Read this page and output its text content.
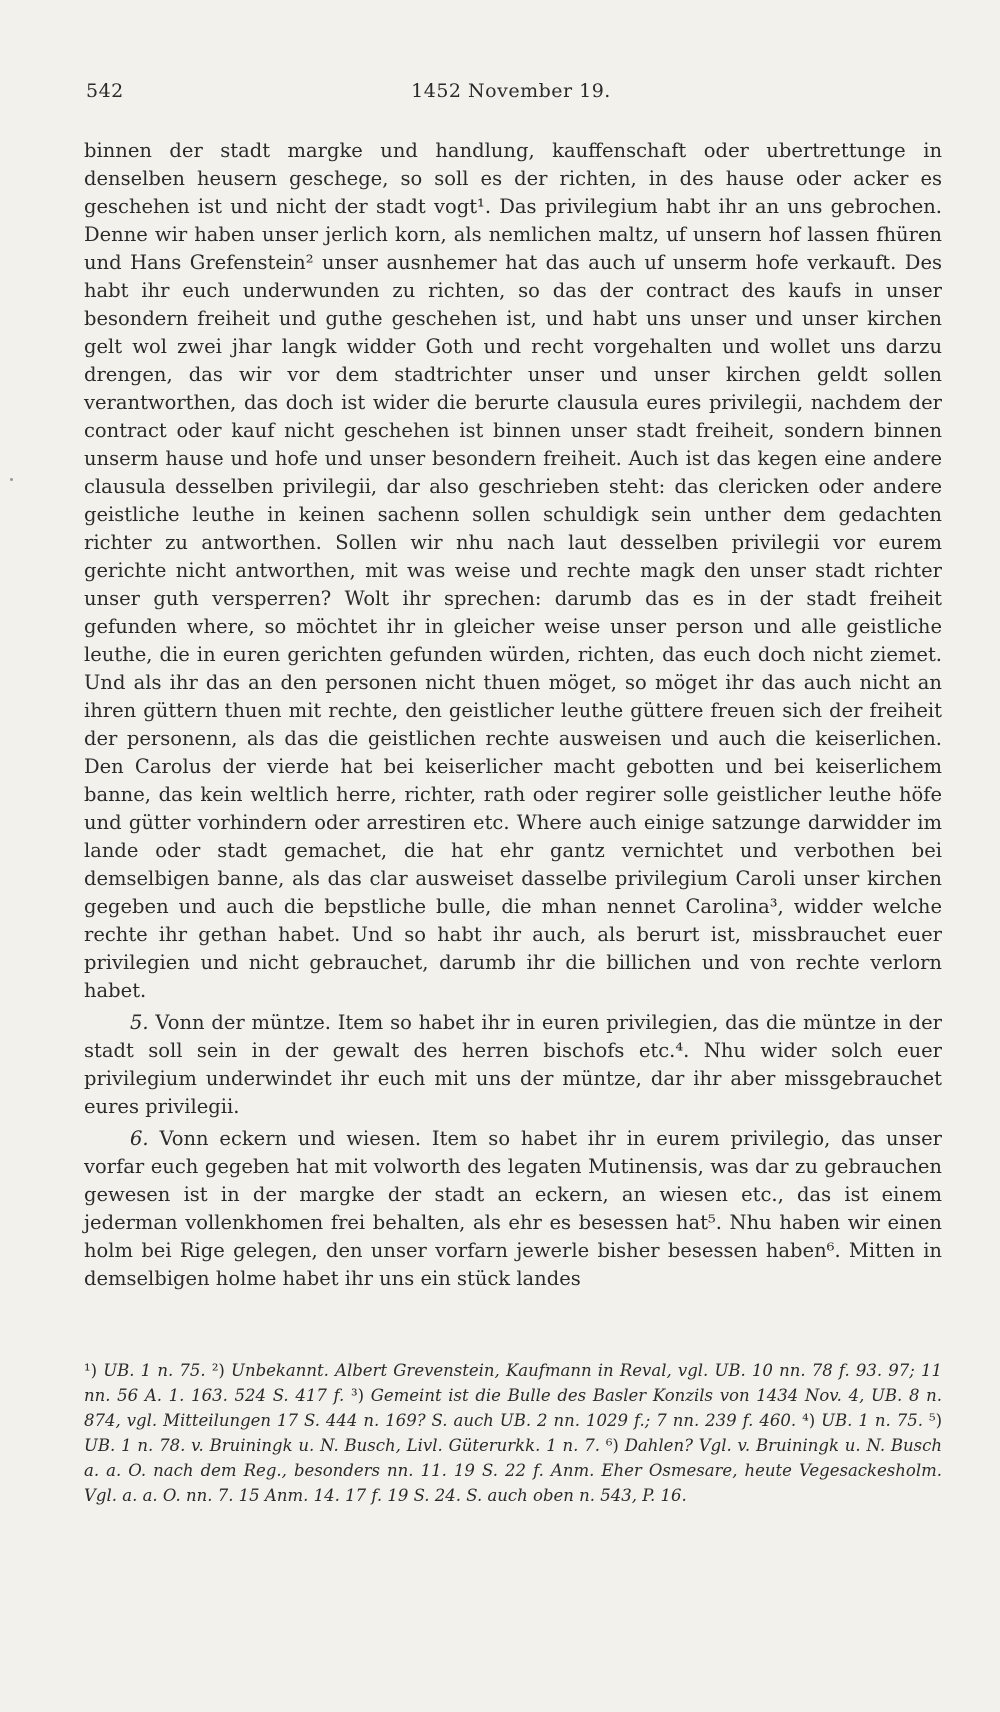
542	1452 November 19.

binnen der stadt margke und handlung, kauffenschaft oder ubertrettunge in denselben heusern geschege, so soll es der richten, in des hause oder acker es geschehen ist und nicht der stadt vogt¹. Das privilegium habt ihr an uns gebrochen. Denne wir haben unser jerlich korn, als nemlichen maltz, uf unsern hof lassen fhüren und Hans Grefenstein² unser ausnhemer hat das auch uf unserm hofe verkauft. Des habt ihr euch underwunden zu richten, so das der contract des kaufs in unser besondern freiheit und guthe geschehen ist, und habt uns unser und unser kirchen gelt wol zwei jhar langk widder Goth und recht vorgehalten und wollet uns darzu drengen, das wir vor dem stadtrichter unser und unser kirchen geldt sollen verantworthen, das doch ist wider die berurte clausula eures privilegii, nachdem der contract oder kauf nicht geschehen ist binnen unser stadt freiheit, sondern binnen unserm hause und hofe und unser besondern freiheit. Auch ist das kegen eine andere clausula desselben privilegii, dar also geschrieben steht: das clericken oder andere geistliche leuthe in keinen sachenn sollen schuldigk sein unther dem gedachten richter zu antworthen. Sollen wir nhu nach laut desselben privilegii vor eurem gerichte nicht antworthen, mit was weise und rechte magk den unser stadt richter unser guth versperren? Wolt ihr sprechen: darumb das es in der stadt freiheit gefunden where, so möchtet ihr in gleicher weise unser person und alle geistliche leuthe, die in euren gerichten gefunden würden, richten, das euch doch nicht ziemet. Und als ihr das an den personen nicht thuen möget, so möget ihr das auch nicht an ihren güttern thuen mit rechte, den geistlicher leuthe güttere freuen sich der freiheit der personenn, als das die geistlichen rechte ausweisen und auch die keiserlichen. Den Carolus der vierde hat bei keiserlicher macht gebotten und bei keiserlichem banne, das kein weltlich herre, richter, rath oder regirer solle geistlicher leuthe höfe und gütter vorhindern oder arrestiren etc. Where auch einige satzunge darwidder im lande oder stadt gemachet, die hat ehr gantz vernichtet und verbothen bei demselbigen banne, als das clar ausweiset dasselbe privilegium Caroli unser kirchen gegeben und auch die bepstliche bulle, die mhan nennet Carolina³, widder welche rechte ihr gethan habet. Und so habt ihr auch, als berurt ist, missbrauchet euer privilegien und nicht gebrauchet, darumb ihr die billichen und von rechte verlorn habet.

5. Vonn der müntze. Item so habet ihr in euren privilegien, das die müntze in der stadt soll sein in der gewalt des herren bischofs etc.⁴. Nhu wider solch euer privilegium underwindet ihr euch mit uns der müntze, dar ihr aber missgebrauchet eures privilegii.

6. Vonn eckern und wiesen. Item so habet ihr in eurem privilegio, das unser vorfar euch gegeben hat mit volworth des legaten Mutinensis, was dar zu gebrauchen gewesen ist in der margke der stadt an eckern, an wiesen etc., das ist einem jederman vollenkhomen frei behalten, als ehr es besessen hat⁵. Nhu haben wir einen holm bei Rige gelegen, den unser vorfarn jewerle bisher besessen haben⁶. Mitten in demselbigen holme habet ihr uns ein stück landes

¹) UB. 1 n. 75. ²) Unbekannt. Albert Grevenstein, Kaufmann in Reval, vgl. UB. 10 nn. 78 f. 93. 97; 11 nn. 56 A. 1. 163. 524 S. 417 f. ³) Gemeint ist die Bulle des Basler Konzils von 1434 Nov. 4, UB. 8 n. 874, vgl. Mitteilungen 17 S. 444 n. 169? S. auch UB. 2 nn. 1029 f.; 7 nn. 239 f. 460. ⁴) UB. 1 n. 75. ⁵) UB. 1 n. 78. v. Bruiningk u. N. Busch, Livl. Güterurkk. 1 n. 7. ⁶) Dahlen? Vgl. v. Bruiningk u. N. Busch a. a. O. nach dem Reg., besonders nn. 11. 19 S. 22 f. Anm. Eher Osmesare, heute Vegesackesholm. Vgl. a. a. O. nn. 7. 15 Anm. 14. 17 f. 19 S. 24. S. auch oben n. 543, P. 16.
